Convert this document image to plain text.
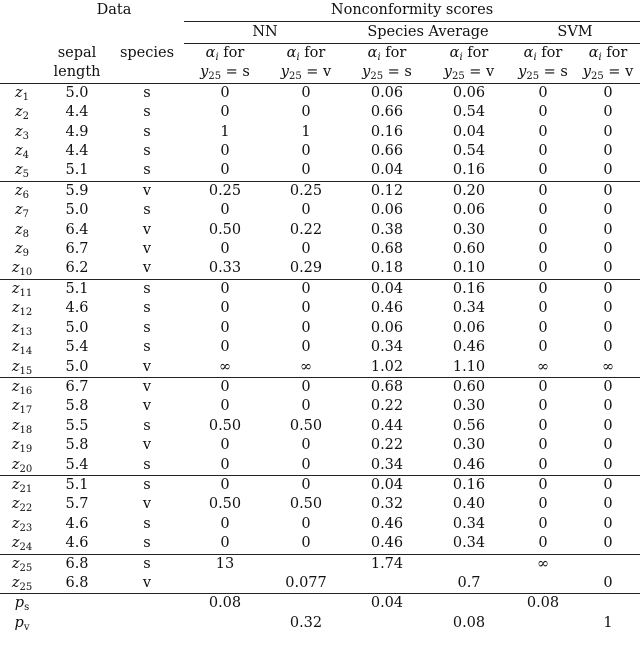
	Data		Nonconformity scores					
			NN		Species Average		SVM	
	sepal	species	$\alpha_i$ for	$\alpha_i$ for	$\alpha_i$ for	$\alpha_i$ for	$\alpha_i$ for	$\alpha_i$ for
	length		$y_{25} = s$	$y_{25} = v$	$y_{25} = s$	$y_{25} = v$	$y_{25} = s$	$y_{25} = v$
$z_1$	5.0	s	0	0	0.06	0.06	0	0
$z_2$	4.4	s	0	0	0.66	0.54	0	0
$z_3$	4.9	s	1	1	0.16	0.04	0	0
$z_4$	4.4	s	0	0	0.66	0.54	0	0
$z_5$	5.1	s	0	0	0.04	0.16	0	0
$z_6$	5.9	v	0.25	0.25	0.12	0.20	0	0
$z_7$	5.0	s	0	0	0.06	0.06	0	0
$z_8$	6.4	v	0.50	0.22	0.38	0.30	0	0
$z_9$	6.7	v	0	0	0.68	0.60	0	0
$z_{10}$	6.2	v	0.33	0.29	0.18	0.10	0	0
$z_{11}$	5.1	s	0	0	0.04	0.16	0	0
$z_{12}$	4.6	s	0	0	0.46	0.34	0	0
$z_{13}$	5.0	s	0	0	0.06	0.06	0	0
$z_{14}$	5.4	s	0	0	0.34	0.46	0	0
$z_{15}$	5.0	v	∞	∞	1.02	1.10	∞	∞
$z_{16}$	6.7	v	0	0	0.68	0.60	0	0
$z_{17}$	5.8	v	0	0	0.22	0.30	0	0
$z_{18}$	5.5	s	0.50	0.50	0.44	0.56	0	0
$z_{19}$	5.8	v	0	0	0.22	0.30	0	0
$z_{20}$	5.4	s	0	0	0.34	0.46	0	0
$z_{21}$	5.1	s	0	0	0.04	0.16	0	0
$z_{22}$	5.7	v	0.50	0.50	0.32	0.40	0	0
$z_{23}$	4.6	s	0	0	0.46	0.34	0	0
$z_{24}$	4.6	s	0	0	0.46	0.34	0	0
$z_{25}$	6.8	s	13		1.74		∞	
$z_{25}$	6.8	v		0.077		0.7		0
$p_s$			0.08		0.04		0.08	
$p_v$				0.32		0.08		1
